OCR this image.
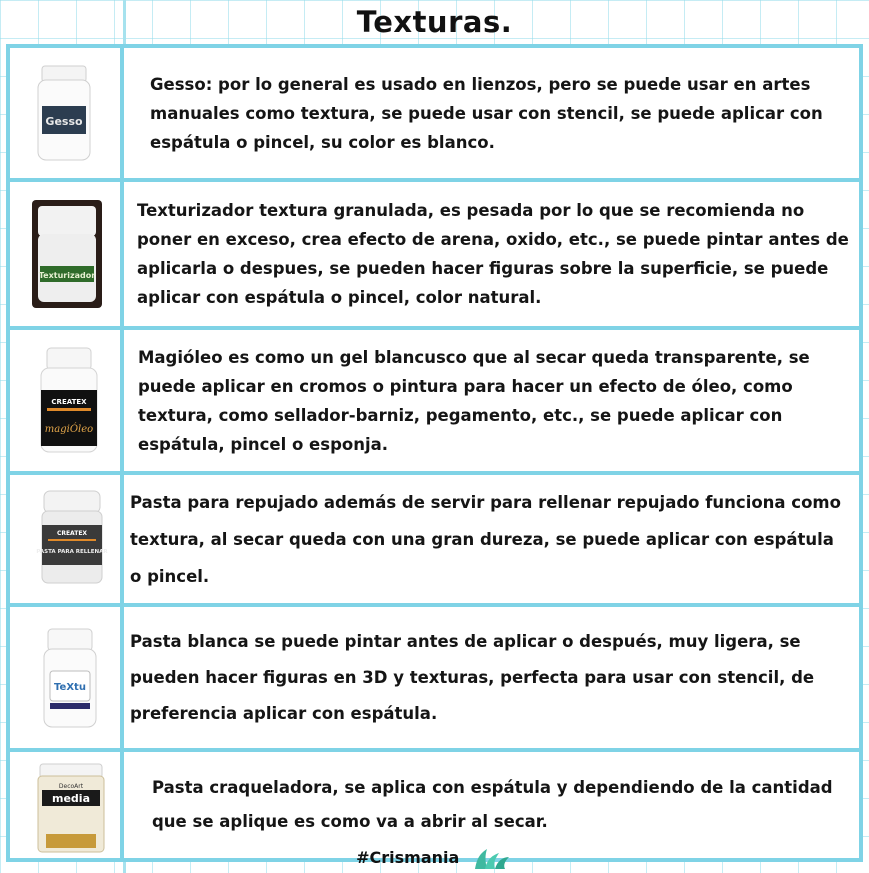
Texturas.
Gesso

Gesso: por lo general es usado en lienzos, pero se puede usar en artes manuales como textura, se puede usar con stencil, se puede aplicar con espátula o pincel, su color es blanco.

Texturizador

Texturizador textura granulada, es pesada por lo que se recomienda no poner en exceso, crea efecto de arena, oxido, etc., se puede pintar antes de aplicarla o despues, se pueden hacer figuras sobre la superficie, se puede aplicar con espátula o pincel, color natural.

CREATEX
magiÓleo

Magióleo es como un gel blancusco que al secar queda transparente, se puede aplicar en cromos o pintura para hacer un efecto de óleo, como textura, como sellador-barniz, pegamento, etc., se puede aplicar con espátula, pincel o esponja.

CREATEX
PASTA PARA RELLENAR

Pasta para repujado además de servir para rellenar repujado funciona como textura, al secar queda con una gran dureza, se puede aplicar con espátula o pincel.

TeXtu

Pasta blanca se puede pintar antes de aplicar o después, muy ligera, se pueden hacer figuras en 3D y texturas, perfecta para usar con stencil, de preferencia aplicar con espátula.

DecoArt
media

Pasta craqueladora, se aplica con espátula y dependiendo de la cantidad que se aplique es como va a abrir al secar.

#Crismania
